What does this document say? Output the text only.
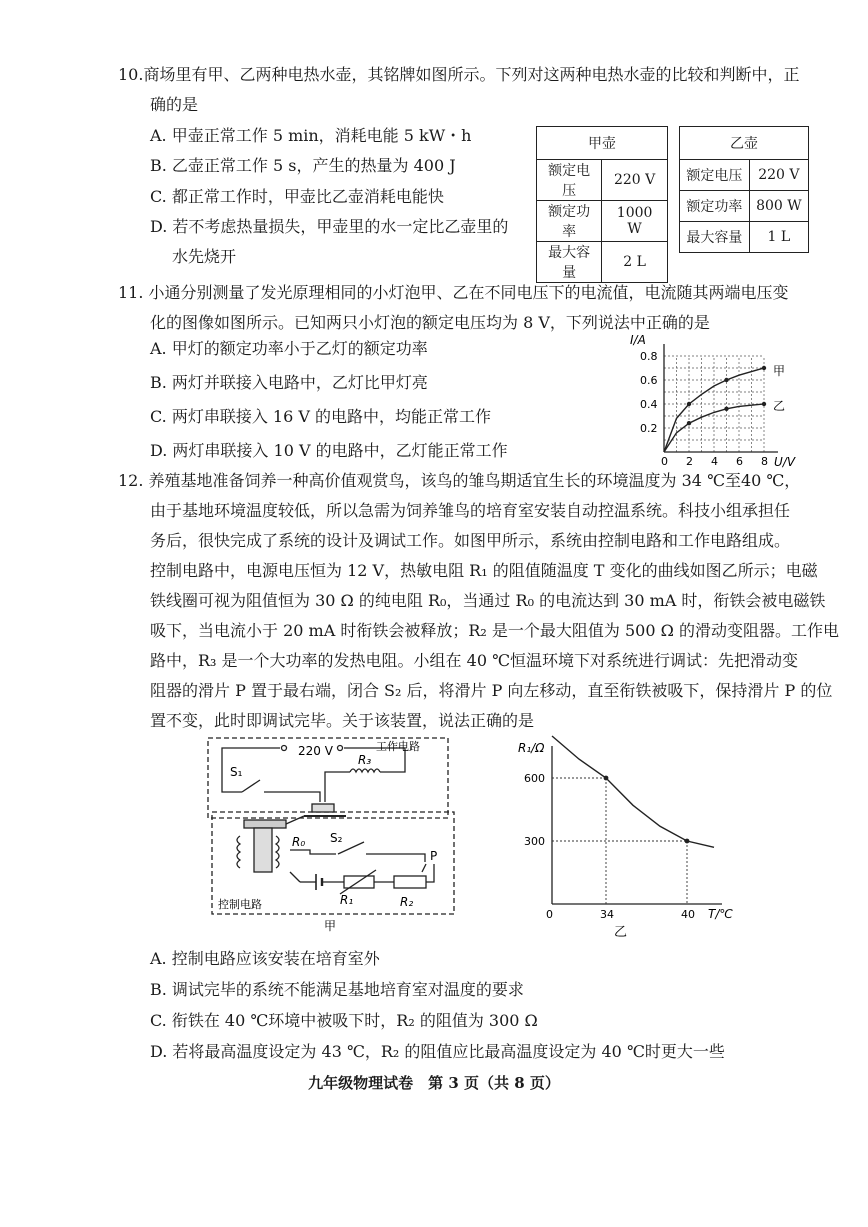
10.商场里有甲、乙两种电热水壶，其铭牌如图所示。下列对这两种电热水壶的比较和判断中，正
确的是
A. 甲壶正常工作 5 min，消耗电能 5 kW・h
B. 乙壶正常工作 5 s，产生的热量为 400 J
C. 都正常工作时，甲壶比乙壶消耗电能快
D. 若不考虑热量损失，甲壶里的水一定比乙壶里的
水先烧开
甲壶	
额定电压	220 V
额定功率	1000 W
最大容量	2 L
乙壶	
额定电压	220 V
额定功率	800 W
最大容量	1 L
11. 小通分别测量了发光原理相同的小灯泡甲、乙在不同电压下的电流值，电流随其两端电压变
化的图像如图所示。已知两只小灯泡的额定电压均为 8 V，下列说法中正确的是
A. 甲灯的额定功率小于乙灯的额定功率
B. 两灯并联接入电路中，乙灯比甲灯亮
C. 两灯串联接入 16 V 的电路中，均能正常工作
D. 两灯串联接入 10 V 的电路中，乙灯能正常工作
0 2 4 6 8
0.2
0.4
0.6
0.8
I/A
U/V
甲
乙
12. 养殖基地准备饲养一种高价值观赏鸟，该鸟的雏鸟期适宜生长的环境温度为 34 ℃至40 ℃，
由于基地环境温度较低，所以急需为饲养雏鸟的培育室安装自动控温系统。科技小组承担任
务后，很快完成了系统的设计及调试工作。如图甲所示，系统由控制电路和工作电路组成。
控制电路中，电源电压恒为 12 V，热敏电阻 R₁ 的阻值随温度 T 变化的曲线如图乙所示；电磁
铁线圈可视为阻值恒为 30 Ω 的纯电阻 R₀，当通过 R₀ 的电流达到 30 mA 时，衔铁会被电磁铁
吸下，当电流小于 20 mA 时衔铁会被释放；R₂ 是一个最大阻值为 500 Ω 的滑动变阻器。工作电
路中，R₃ 是一个大功率的发热电阻。小组在 40 ℃恒温环境下对系统进行调试：先把滑动变
阻器的滑片 P 置于最右端，闭合 S₂ 后，将滑片 P 向左移动，直至衔铁被吸下，保持滑片 P 的位
置不变，此时即调试完毕。关于该装置，说法正确的是
220 V	工作电路
S₁
R₃
R₀ S₂
P
R₁	R₂
控制电路
甲
0	34	40
600
300
R₁/Ω
T/℃
乙
A. 控制电路应该安装在培育室外
B. 调试完毕的系统不能满足基地培育室对温度的要求
C. 衔铁在 40 ℃环境中被吸下时，R₂ 的阻值为 300 Ω
D. 若将最高温度设定为 43 ℃，R₂ 的阻值应比最高温度设定为 40 ℃时更大一些
九年级物理试卷　第 3 页（共 8 页）
